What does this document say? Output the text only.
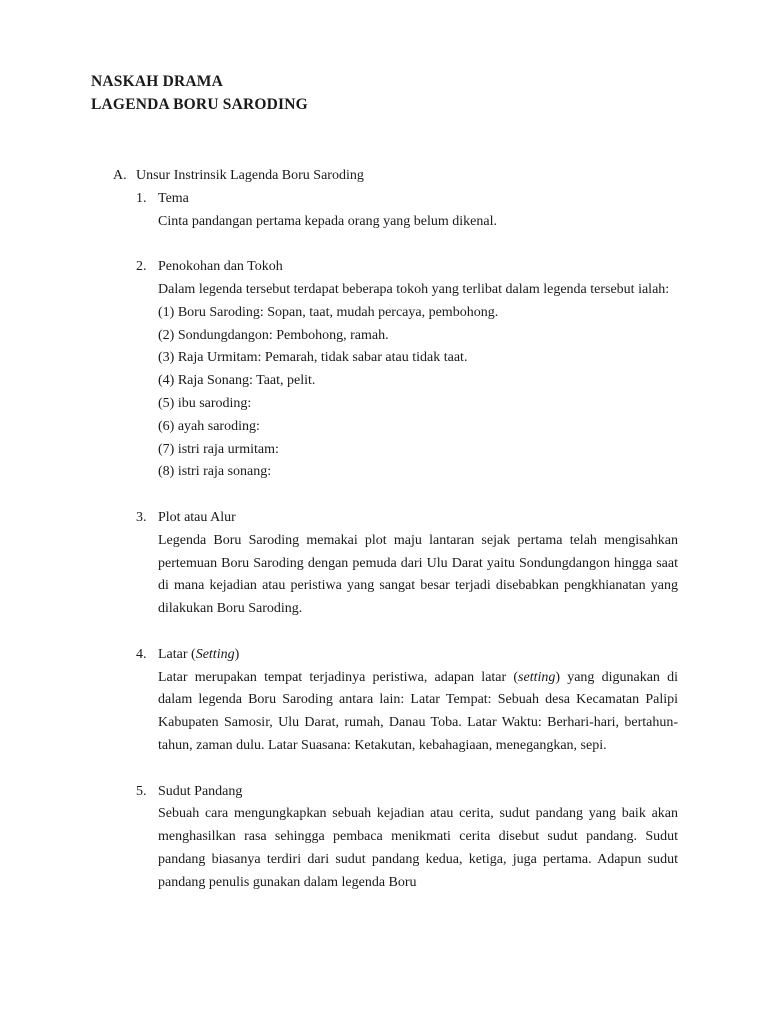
NASKAH DRAMA

LAGENDA BORU SARODING

A. Unsur Instrinsik Lagenda Boru Saroding
1. Tema

Cinta pandangan pertama kepada orang yang belum dikenal.

2. Penokohan dan Tokoh

Dalam legenda tersebut terdapat beberapa tokoh yang terlibat dalam legenda tersebut ialah:

(1) Boru Saroding: Sopan, taat, mudah percaya, pembohong.

(2) Sondungdangon: Pembohong, ramah.

(3) Raja Urmitam: Pemarah, tidak sabar atau tidak taat.

(4) Raja Sonang: Taat, pelit.

(5) ibu saroding:

(6) ayah saroding:

(7) istri raja urmitam:

(8) istri raja sonang:

3. Plot atau Alur

Legenda Boru Saroding memakai plot maju lantaran sejak pertama telah mengisahkan pertemuan Boru Saroding dengan pemuda dari Ulu Darat yaitu Sondungdangon hingga saat di mana kejadian atau peristiwa yang sangat besar terjadi disebabkan pengkhianatan yang dilakukan Boru Saroding.

4. Latar (Setting)

Latar merupakan tempat terjadinya peristiwa, adapan latar (setting) yang digunakan di dalam legenda Boru Saroding antara lain: Latar Tempat: Sebuah desa Kecamatan Palipi Kabupaten Samosir, Ulu Darat, rumah, Danau Toba. Latar Waktu: Berhari-hari, bertahun-tahun, zaman dulu. Latar Suasana: Ketakutan, kebahagiaan, menegangkan, sepi.

5. Sudut Pandang

Sebuah cara mengungkapkan sebuah kejadian atau cerita, sudut pandang yang baik akan menghasilkan rasa sehingga pembaca menikmati cerita disebut sudut pandang. Sudut pandang biasanya terdiri dari sudut pandang kedua, ketiga, juga pertama. Adapun sudut pandang penulis gunakan dalam legenda Boru
